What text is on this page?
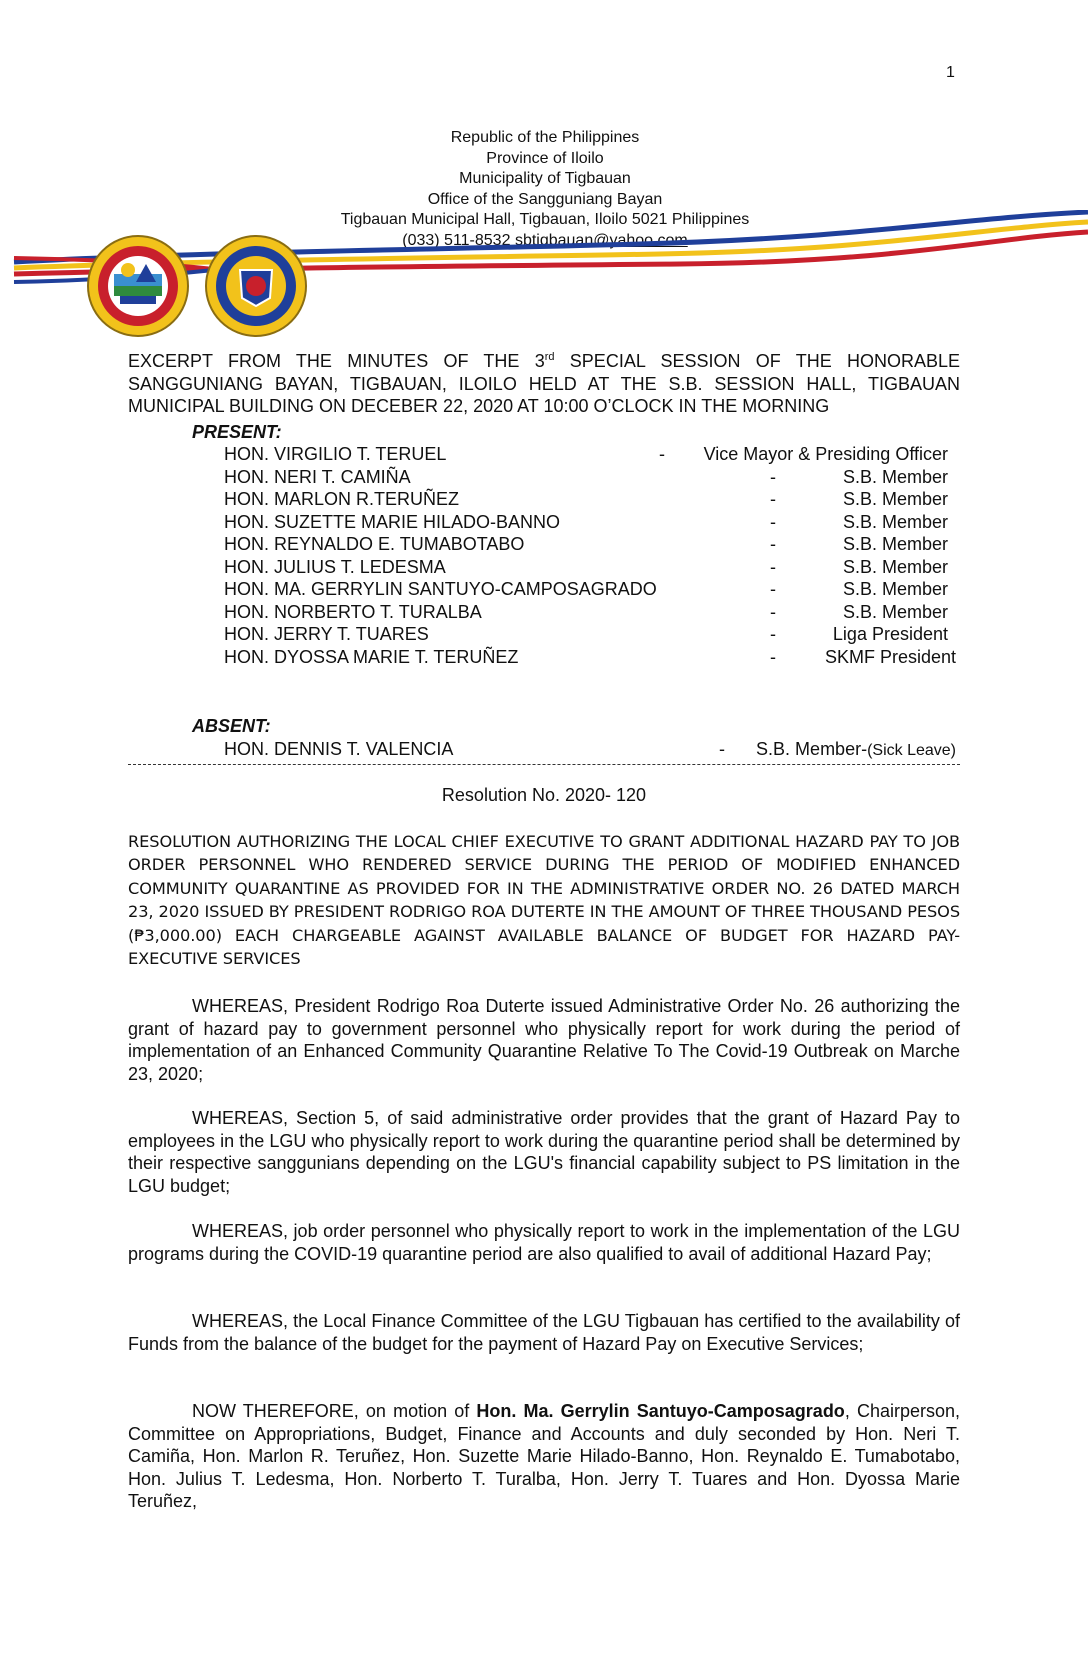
1
Republic of the Philippines
Province of Iloilo
Municipality of Tigbauan
Office of the Sangguniang Bayan
Tigbauan Municipal Hall, Tigbauan, Iloilo 5021 Philippines
(033) 511-8532 sbtigbauan@yahoo.com
EXCERPT FROM THE MINUTES OF THE 3rd SPECIAL SESSION OF THE HONORABLE SANGGUNIANG BAYAN, TIGBAUAN, ILOILO HELD AT THE S.B. SESSION HALL, TIGBAUAN MUNICIPAL BUILDING ON DECEBER 22, 2020 AT 10:00 O’CLOCK IN THE MORNING
PRESENT:
HON. VIRGILIO T. TERUEL	- Vice Mayor & Presiding Officer
HON. NERI T. CAMIÑA	-	S.B. Member
HON. MARLON R.TERUÑEZ	-	S.B. Member
HON. SUZETTE MARIE HILADO-BANNO	-	S.B. Member
HON. REYNALDO E. TUMABOTABO	-	S.B. Member
HON. JULIUS T. LEDESMA	-	S.B. Member
HON. MA. GERRYLIN SANTUYO-CAMPOSAGRADO	-	S.B. Member
HON. NORBERTO T. TURALBA	-	S.B. Member
HON. JERRY T. TUARES	-	Liga President
HON. DYOSSA MARIE T. TERUÑEZ	-	SKMF President
ABSENT:
HON. DENNIS T. VALENCIA	- S.B. Member-(Sick Leave)
Resolution No. 2020- 120
RESOLUTION AUTHORIZING THE LOCAL CHIEF EXECUTIVE TO GRANT ADDITIONAL HAZARD PAY TO JOB ORDER PERSONNEL WHO RENDERED SERVICE DURING THE PERIOD OF MODIFIED ENHANCED COMMUNITY QUARANTINE AS PROVIDED FOR IN THE ADMINISTRATIVE ORDER NO. 26 DATED MARCH 23, 2020 ISSUED BY PRESIDENT RODRIGO ROA DUTERTE IN THE AMOUNT OF THREE THOUSAND PESOS (₱3,000.00) EACH CHARGEABLE AGAINST AVAILABLE BALANCE OF BUDGET FOR HAZARD PAY-EXECUTIVE SERVICES
WHEREAS, President Rodrigo Roa Duterte issued Administrative Order No. 26 authorizing the grant of hazard pay to government personnel who physically report for work during the period of implementation of an Enhanced Community Quarantine Relative To The Covid-19 Outbreak on Marche 23, 2020;
WHEREAS, Section 5, of said administrative order provides that the grant of Hazard Pay to employees in the LGU who physically report to work during the quarantine period shall be determined by their respective sanggunians depending on the LGU's financial capability subject to PS limitation in the LGU budget;
WHEREAS, job order personnel who physically report to work in the implementation of the LGU programs during the COVID-19 quarantine period are also qualified to avail of additional Hazard Pay;
WHEREAS, the Local Finance Committee of the LGU Tigbauan has certified to the availability of Funds from the balance of the budget for the payment of Hazard Pay on Executive Services;
NOW THEREFORE, on motion of Hon. Ma. Gerrylin Santuyo-Camposagrado, Chairperson, Committee on Appropriations, Budget, Finance and Accounts and duly seconded by Hon. Neri T. Camiña, Hon. Marlon R. Teruñez, Hon. Suzette Marie Hilado-Banno, Hon. Reynaldo E. Tumabotabo, Hon. Julius T. Ledesma, Hon. Norberto T. Turalba, Hon. Jerry T. Tuares and Hon. Dyossa Marie Teruñez,
